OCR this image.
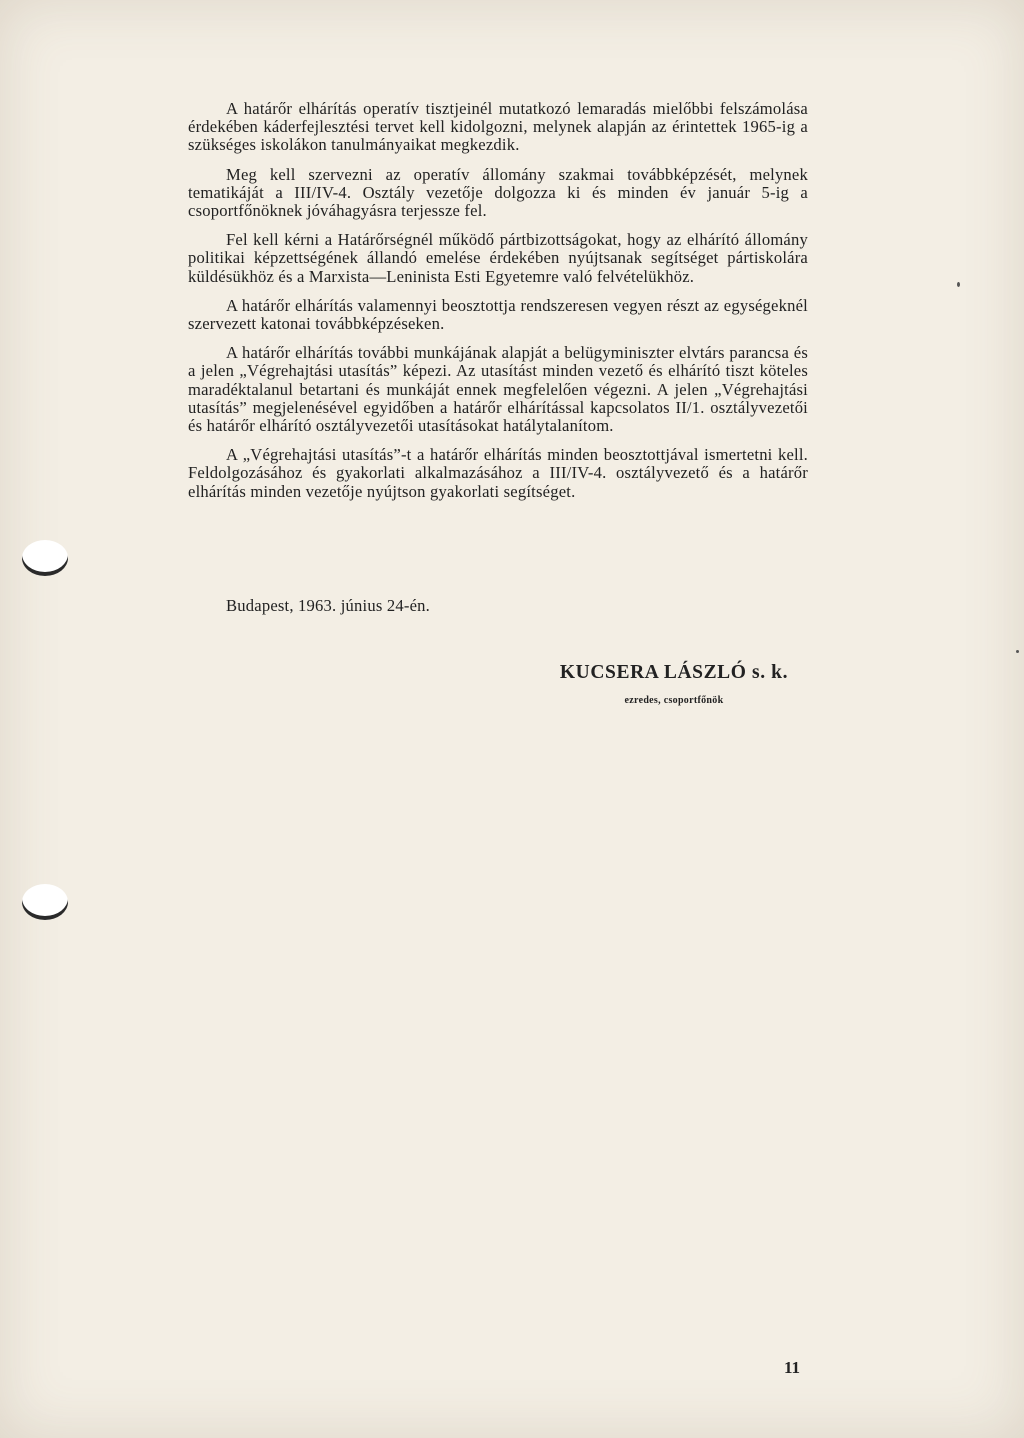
A határőr elhárítás operatív tisztjeinél mutatkozó lemaradás mielőbbi felszámolása érdekében káderfejlesztési tervet kell kidolgozni, melynek alapján az érintettek 1965-ig a szükséges iskolákon tanulmányaikat megkezdik.

Meg kell szervezni az operatív állomány szakmai továbbképzését, melynek tematikáját a III/IV-4. Osztály vezetője dolgozza ki és minden év január 5-ig a csoportfőnöknek jóváhagyásra terjessze fel.

Fel kell kérni a Határőrségnél működő pártbizottságokat, hogy az elhárító állomány politikai képzettségének állandó emelése érdekében nyújtsanak segítséget pártiskolára küldésükhöz és a Marxista—Leninista Esti Egyetemre való felvételükhöz.

A határőr elhárítás valamennyi beosztottja rendszeresen vegyen részt az egységeknél szervezett katonai továbbképzéseken.

A határőr elhárítás további munkájának alapját a belügyminiszter elvtárs parancsa és a jelen „Végrehajtási utasítás” képezi. Az utasítást minden vezető és elhárító tiszt köteles maradéktalanul betartani és munkáját ennek megfelelően végezni. A jelen „Végrehajtási utasítás” megjelenésével egyidőben a határőr elhárítással kapcsolatos II/1. osztályvezetői és határőr elhárító osztályvezetői utasításokat hatálytalanítom.

A „Végrehajtási utasítás”-t a határőr elhárítás minden beosztottjával ismertetni kell. Feldolgozásához és gyakorlati alkalmazásához a III/IV-4. osztályvezető és a határőr elhárítás minden vezetője nyújtson gyakorlati segítséget.

Budapest, 1963. június 24-én.
KUCSERA LÁSZLÓ s. k.
ezredes, csoportfőnök
11
